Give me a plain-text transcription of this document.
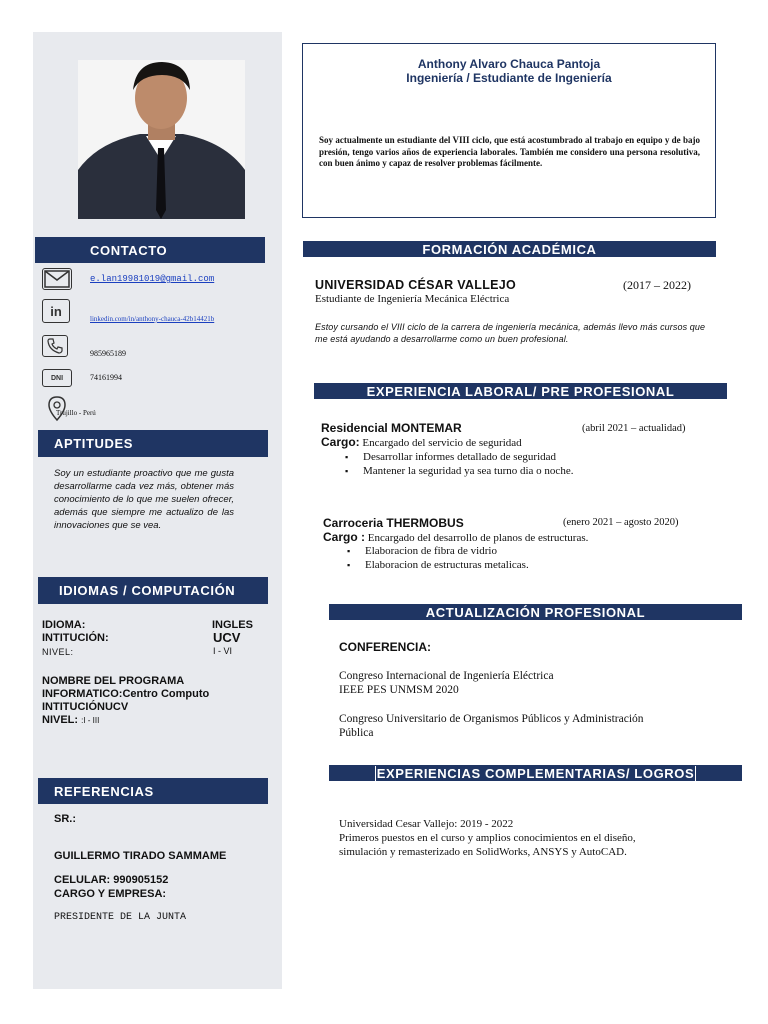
CONTACTO
e.lan19981019@gmail.com
in
linkedin.com/in/anthony-chauca-42b14421b
985965189
DNI	74161994
Trujillo - Perú
APTITUDES
Soy un estudiante proactivo que me gusta desarrollarme cada vez más, obtener más conocimiento de lo que me suelen ofrecer, además que siempre me actualizo de las innovaciones que se vea.
IDIOMAS / COMPUTACIÓN
IDIOMA:	INGLES
INTITUCIÓN:	UCV
NIVEL:	I - VI
NOMBRE DEL PROGRAMA
INFORMATICO:Centro Computo
INTITUCIÓNUCV
NIVEL: :I - III
REFERENCIAS
SR.:
GUILLERMO TIRADO SAMMAME
CELULAR: 990905152
CARGO Y EMPRESA:
PRESIDENTE DE LA JUNTA
Anthony Alvaro Chauca Pantoja
Ingeniería / Estudiante de Ingeniería
Soy actualmente un estudiante del VIII ciclo, que está acostumbrado al trabajo en equipo y de bajo presión, tengo varios años de experiencia laborales. También me considero una persona resolutiva, con buen ánimo y capaz de resolver problemas fácilmente.
FORMACIÓN ACADÉMICA
UNIVERSIDAD CÉSAR VALLEJO	(2017 – 2022)
Estudiante de Ingeniería Mecánica Eléctrica
Estoy cursando el VIII ciclo de la carrera de ingeniería mecánica, además llevo más cursos que me está ayudando a desarrollarme como un buen profesional.
EXPERIENCIA LABORAL/ PRE PROFESIONAL
Residencial MONTEMAR	(abril 2021 – actualidad)
Cargo: Encargado del servicio de seguridad
▪ Desarrollar informes detallado de seguridad
▪ Mantener la seguridad ya sea turno dia o noche.
Carroceria THERMOBUS	(enero 2021 – agosto 2020)
Cargo : Encargado del desarrollo de planos de estructuras.
▪ Elaboracion de fibra de vidrio
▪ Elaboracion de estructuras metalicas.
ACTUALIZACIÓN PROFESIONAL
CONFERENCIA:
Congreso Internacional de Ingeniería Eléctrica
IEEE PES UNMSM 2020
Congreso Universitario de Organismos Públicos y Administración
Pública
EXPERIENCIAS COMPLEMENTARIAS/ LOGROS
Universidad Cesar Vallejo: 2019 - 2022
Primeros puestos en el curso y amplios conocimientos en el diseño,
simulación y remasterizado en SolidWorks, ANSYS y AutoCAD.
